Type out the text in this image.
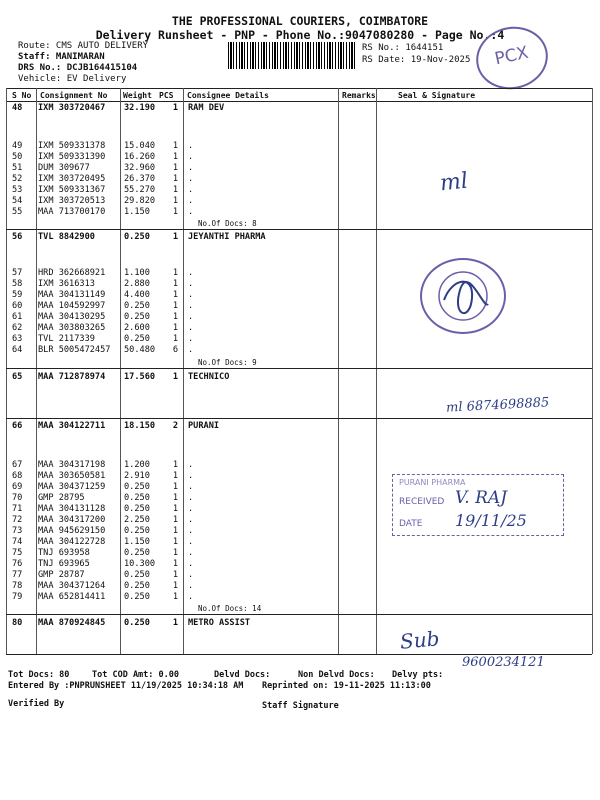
THE PROFESSIONAL COURIERS, COIMBATORE
Delivery Runsheet - PNP - Phone No.:9047080280 - Page No.:4
Route: CMS AUTO DELIVERY
Staff: MANIMARAN
DRS No.: DCJB164415104
Vehicle: EV Delivery
RS No.: 1644151
RS Date: 19-Nov-2025	PCX
S No Consignment No Weight PCS Consignee Details	Remarks	Seal & Signature
48	IXM 303720467	32.190	1 RAM DEV
49	IXM 509331378	15.040	1 .
50	IXM 509331390	16.260	1 .
51	DUM 309677	32.960	1 .
52	IXM 303720495	26.370	1 .
53	IXM 509331367	55.270	1 .
54	IXM 303720513	29.820	1 .
55	MAA 713700170	1.150	1 .
No.Of Docs: 8
56	TVL 8842900	0.250	1 JEYANTHI PHARMA
57	HRD 362668921	1.100	1 .
58	IXM 3616313	2.880	1 .
59	MAA 304131149	4.400	1 .
60	MAA 104592997	0.250	1 .
61	MAA 304130295	0.250	1 .
62	MAA 303803265	2.600	1 .
63	TVL 2117339	0.250	1 .
64	BLR 5005472457	50.480	6 .
No.Of Docs: 9
65	MAA 712878974	17.560	1 TECHNICO
66	MAA 304122711	18.150	2 PURANI
67	MAA 304317198	1.200	1 .
68	MAA 303650581	2.910	1 .
69	MAA 304371259	0.250	1 .
70	GMP 28795	0.250	1 .
71	MAA 304131128	0.250	1 .
72	MAA 304317200	2.250	1 .
73	MAA 945629150	0.250	1 .
74	MAA 304122728	1.150	1 .
75	TNJ 693958	0.250	1 .
76	TNJ 693965	10.300	1 .
77	GMP 28787	0.250	1 .
78	MAA 304371264	0.250	1 .
79	MAA 652814411	0.250	1 .
No.Of Docs: 14
80	MAA 870924845	0.250	1 METRO ASSIST
ml
ml 6874698885
PURANI PHARMA
RECEIVED V. RAJ
DATE 19/11/25
Sub
9600234121
Tot Docs: 80	Tot COD Amt: 0.00	Delvd Docs:	Non Delvd Docs: Delvy pts:
Entered By :PNPRUNSHEET 11/19/2025 10:34:18 AM Reprinted on: 19-11-2025 11:13:00
Verified By	Staff Signature
